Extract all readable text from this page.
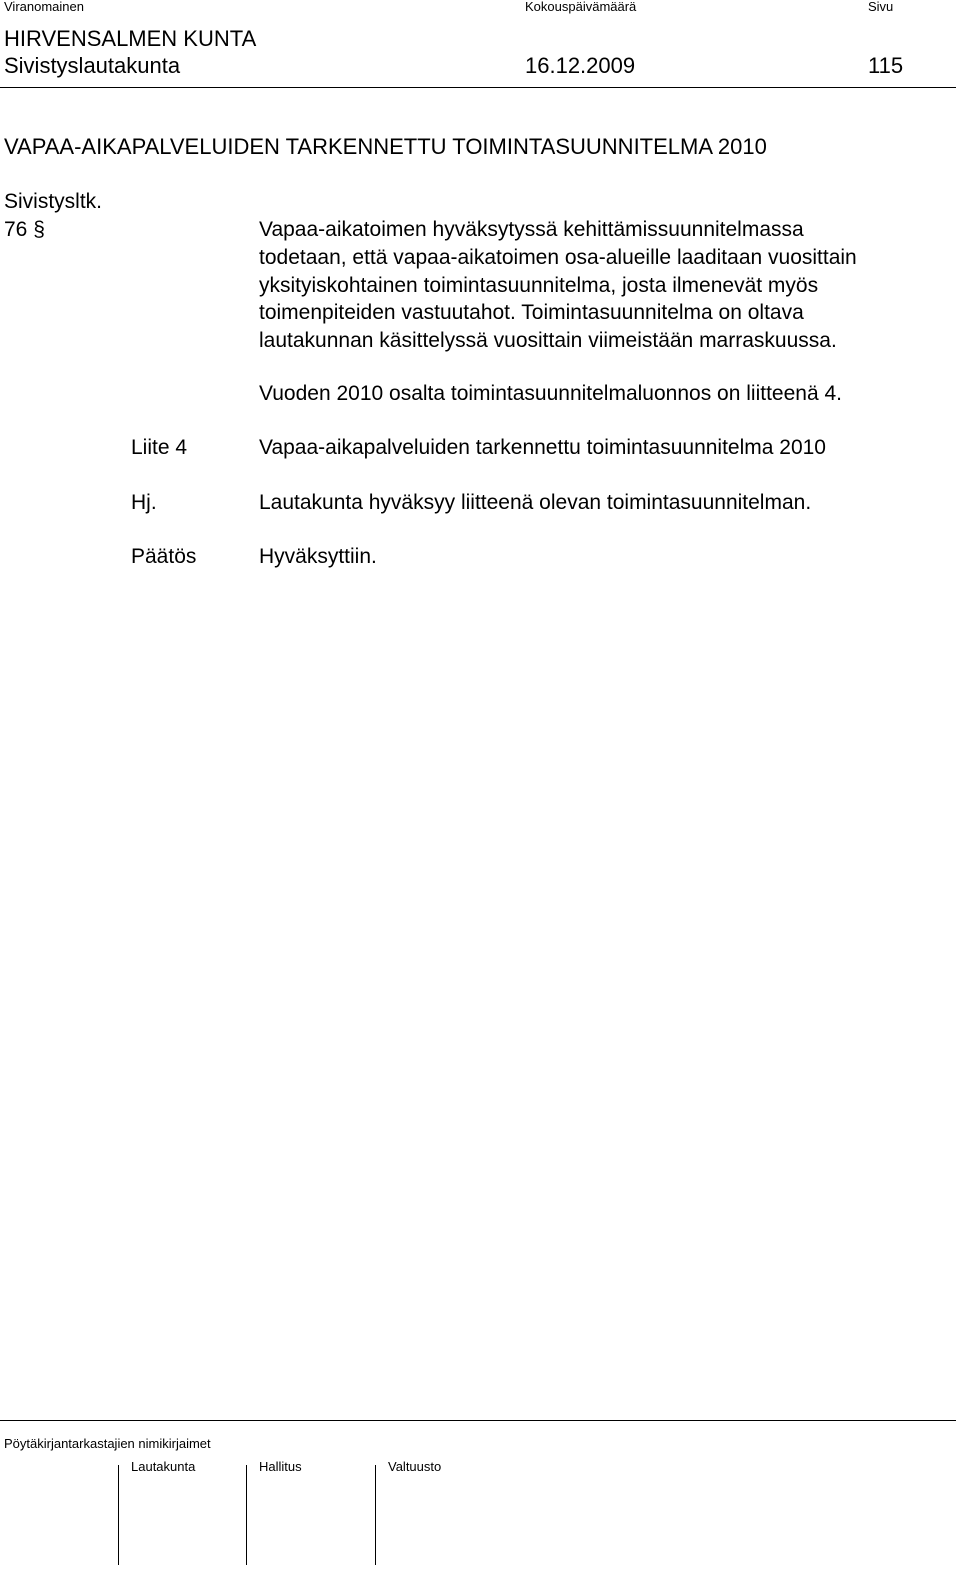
Viranomainen	Kokouspäivämäärä	Sivu
HIRVENSALMEN KUNTA
Sivistyslautakunta	16.12.2009	115
VAPAA-AIKAPALVELUIDEN TARKENNETTU TOIMINTASUUNNITELMA 2010
Sivistysltk.
76 §	Vapaa-aikatoimen hyväksytyssä kehittämissuunnitelmassa
todetaan, että vapaa-aikatoimen osa-alueille laaditaan vuosittain
yksityiskohtainen toimintasuunnitelma, josta ilmenevät myös
toimenpiteiden vastuutahot. Toimintasuunnitelma on oltava
lautakunnan käsittelyssä vuosittain viimeistään marraskuussa.
Vuoden 2010 osalta toimintasuunnitelmaluonnos on liitteenä 4.
Liite 4	Vapaa-aikapalveluiden tarkennettu toimintasuunnitelma 2010
Hj.	Lautakunta hyväksyy liitteenä olevan toimintasuunnitelman.
Päätös	Hyväksyttiin.
Pöytäkirjantarkastajien nimikirjaimet
Lautakunta	Hallitus	Valtuusto
